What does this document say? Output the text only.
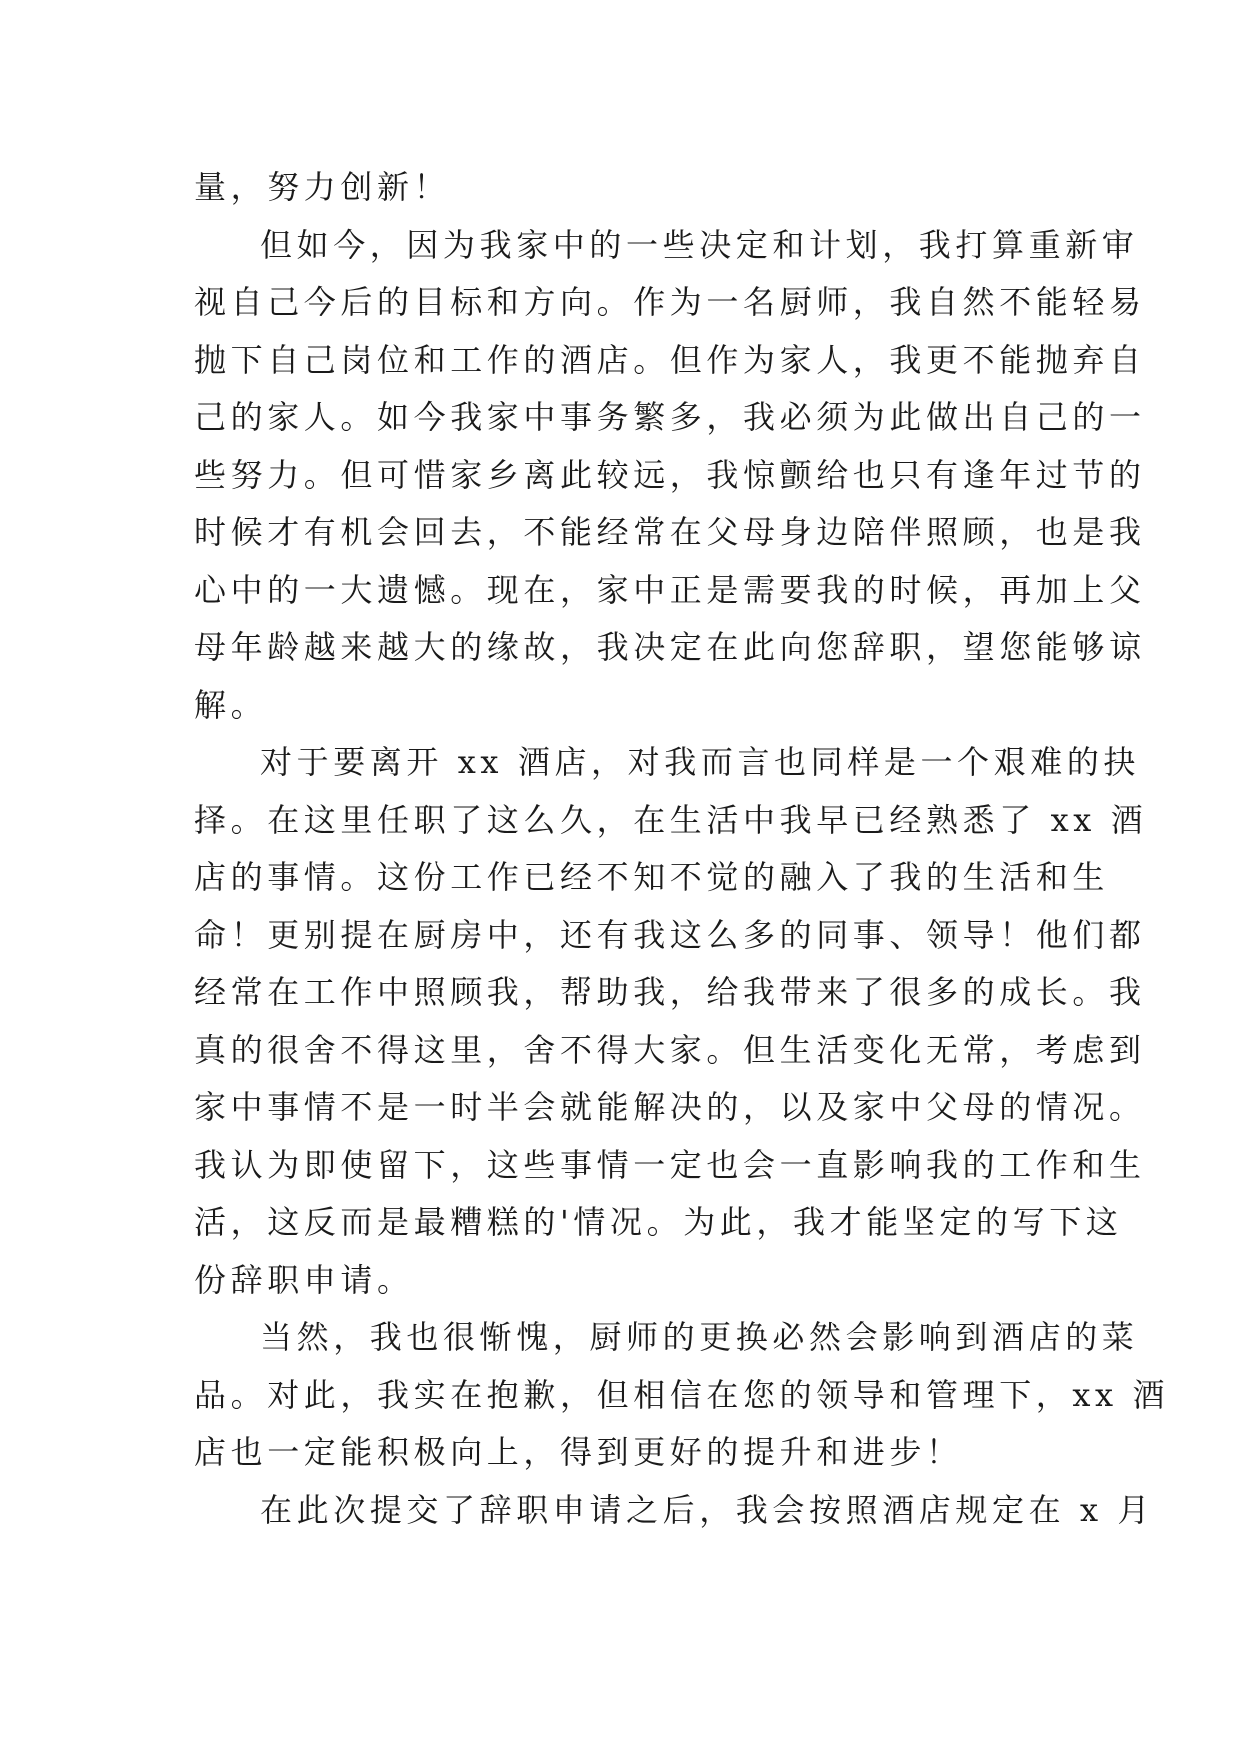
量，努力创新！
但如今，因为我家中的一些决定和计划，我打算重新审
视自己今后的目标和方向。作为一名厨师，我自然不能轻易
抛下自己岗位和工作的酒店。但作为家人，我更不能抛弃自
己的家人。如今我家中事务繁多，我必须为此做出自己的一
些努力。但可惜家乡离此较远，我惊颤给也只有逢年过节的
时候才有机会回去，不能经常在父母身边陪伴照顾，也是我
心中的一大遗憾。现在，家中正是需要我的时候，再加上父
母年龄越来越大的缘故，我决定在此向您辞职，望您能够谅
解。
对于要离开 xx 酒店，对我而言也同样是一个艰难的抉
择。在这里任职了这么久，在生活中我早已经熟悉了 xx 酒
店的事情。这份工作已经不知不觉的融入了我的生活和生
命！更别提在厨房中，还有我这么多的同事、领导！他们都
经常在工作中照顾我，帮助我，给我带来了很多的成长。我
真的很舍不得这里，舍不得大家。但生活变化无常，考虑到
家中事情不是一时半会就能解决的，以及家中父母的情况。
我认为即使留下，这些事情一定也会一直影响我的工作和生
活，这反而是最糟糕的'情况。为此，我才能坚定的写下这
份辞职申请。
当然，我也很惭愧，厨师的更换必然会影响到酒店的菜
品。对此，我实在抱歉，但相信在您的领导和管理下，xx 酒
店也一定能积极向上，得到更好的提升和进步！
在此次提交了辞职申请之后，我会按照酒店规定在 x 月
